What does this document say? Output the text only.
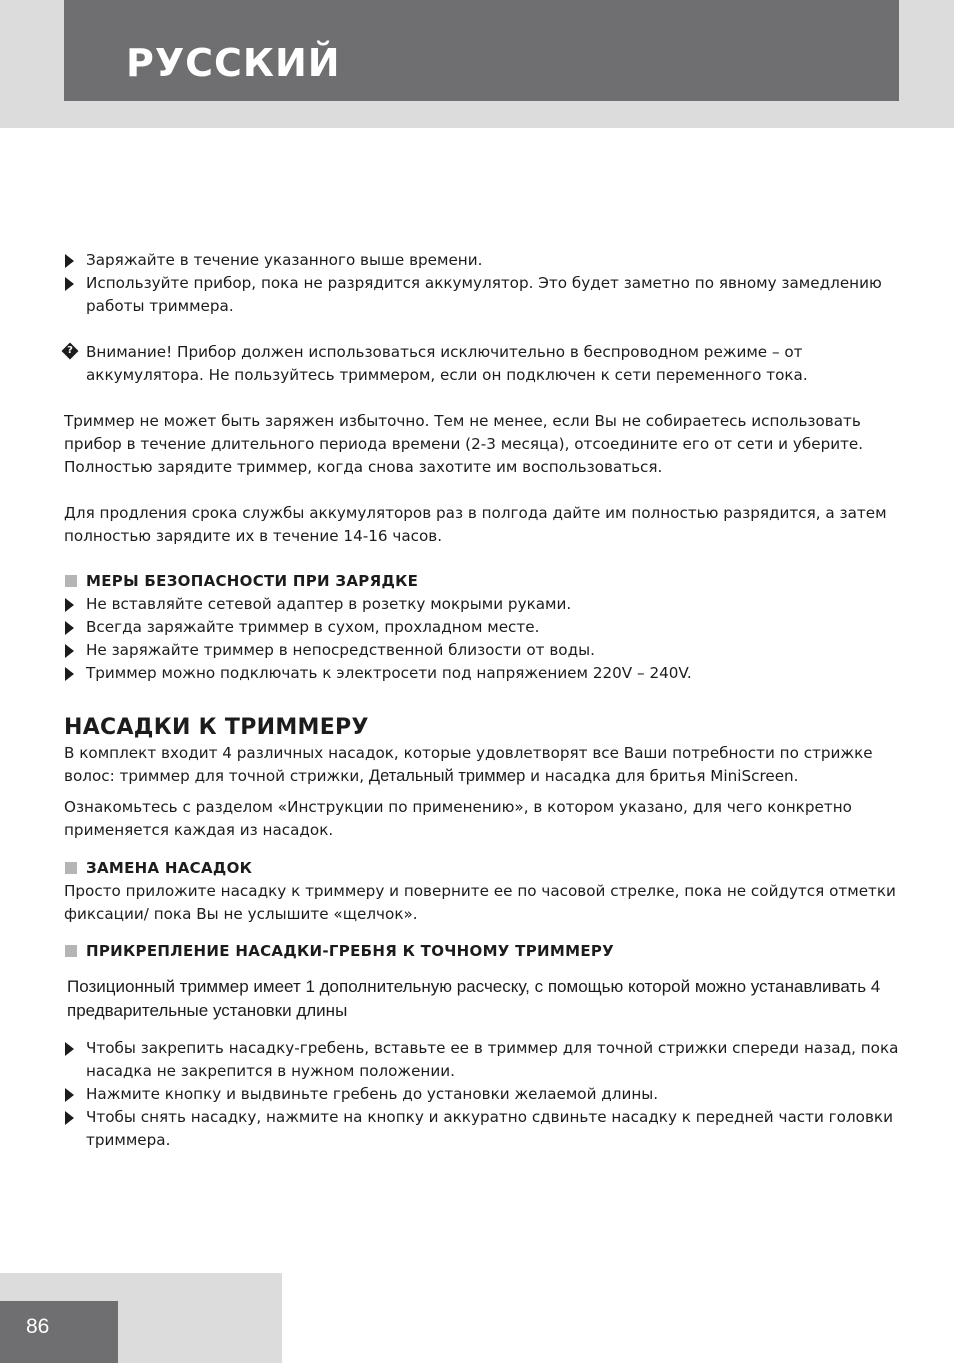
РУССКИЙ
Заряжайте в течение указанного выше времени.
Используйте прибор, пока не разрядится аккумулятор. Это будет заметно по явному замедлению работы триммера.
? Внимание! Прибор должен использоваться исключительно в беспроводном режиме – от аккумулятора. Не пользуйтесь триммером, если он подключен к сети переменного тока.

Триммер не может быть заряжен избыточно. Тем не менее, если Вы не собираетесь использовать прибор в течение длительного периода времени (2-3 месяца), отсоедините его от сети и уберите. Полностью зарядите триммер, когда снова захотите им воспользоваться.

Для продления срока службы аккумуляторов раз в полгода дайте им полностью разрядится, а затем полностью зарядите их в течение 14-16 часов.

МЕРЫ БЕЗОПАСНОСТИ ПРИ ЗАРЯДКЕ
Не вставляйте сетевой адаптер в розетку мокрыми руками.
Всегда заряжайте триммер в сухом, прохладном месте.
Не заряжайте триммер в непосредственной близости от воды.
Триммер можно подключать к электросети под напряжением 220V – 240V.
НАСАДКИ К ТРИММЕРУ

В комплект входит 4 различных насадок, которые удовлетворят все Ваши потребности по стрижке волос: триммер для точной стрижки, Детальный триммер и насадка для бритья MiniScreen.

Ознакомьтесь с разделом «Инструкции по применению», в котором указано, для чего конкретно применяется каждая из насадок.

ЗАМЕНА НАСАДОК

Просто приложите насадку к триммеру и поверните ее по часовой стрелке, пока не сойдутся отметки фиксации/ пока Вы не услышите «щелчок».

ПРИКРЕПЛЕНИЕ НАСАДКИ-ГРЕБНЯ К ТОЧНОМУ ТРИММЕРУ

Позиционный триммер имеет 1 дополнительную расческу, с помощью которой можно устанавливать 4 предварительные установки длины

Чтобы закрепить насадку-гребень, вставьте ее в триммер для точной стрижки спереди назад, пока насадка не закрепится в нужном положении.
Нажмите кнопку и выдвиньте гребень до установки желаемой длины.
Чтобы снять насадку, нажмите на кнопку и аккуратно сдвиньте насадку к передней части головки триммера.
86
